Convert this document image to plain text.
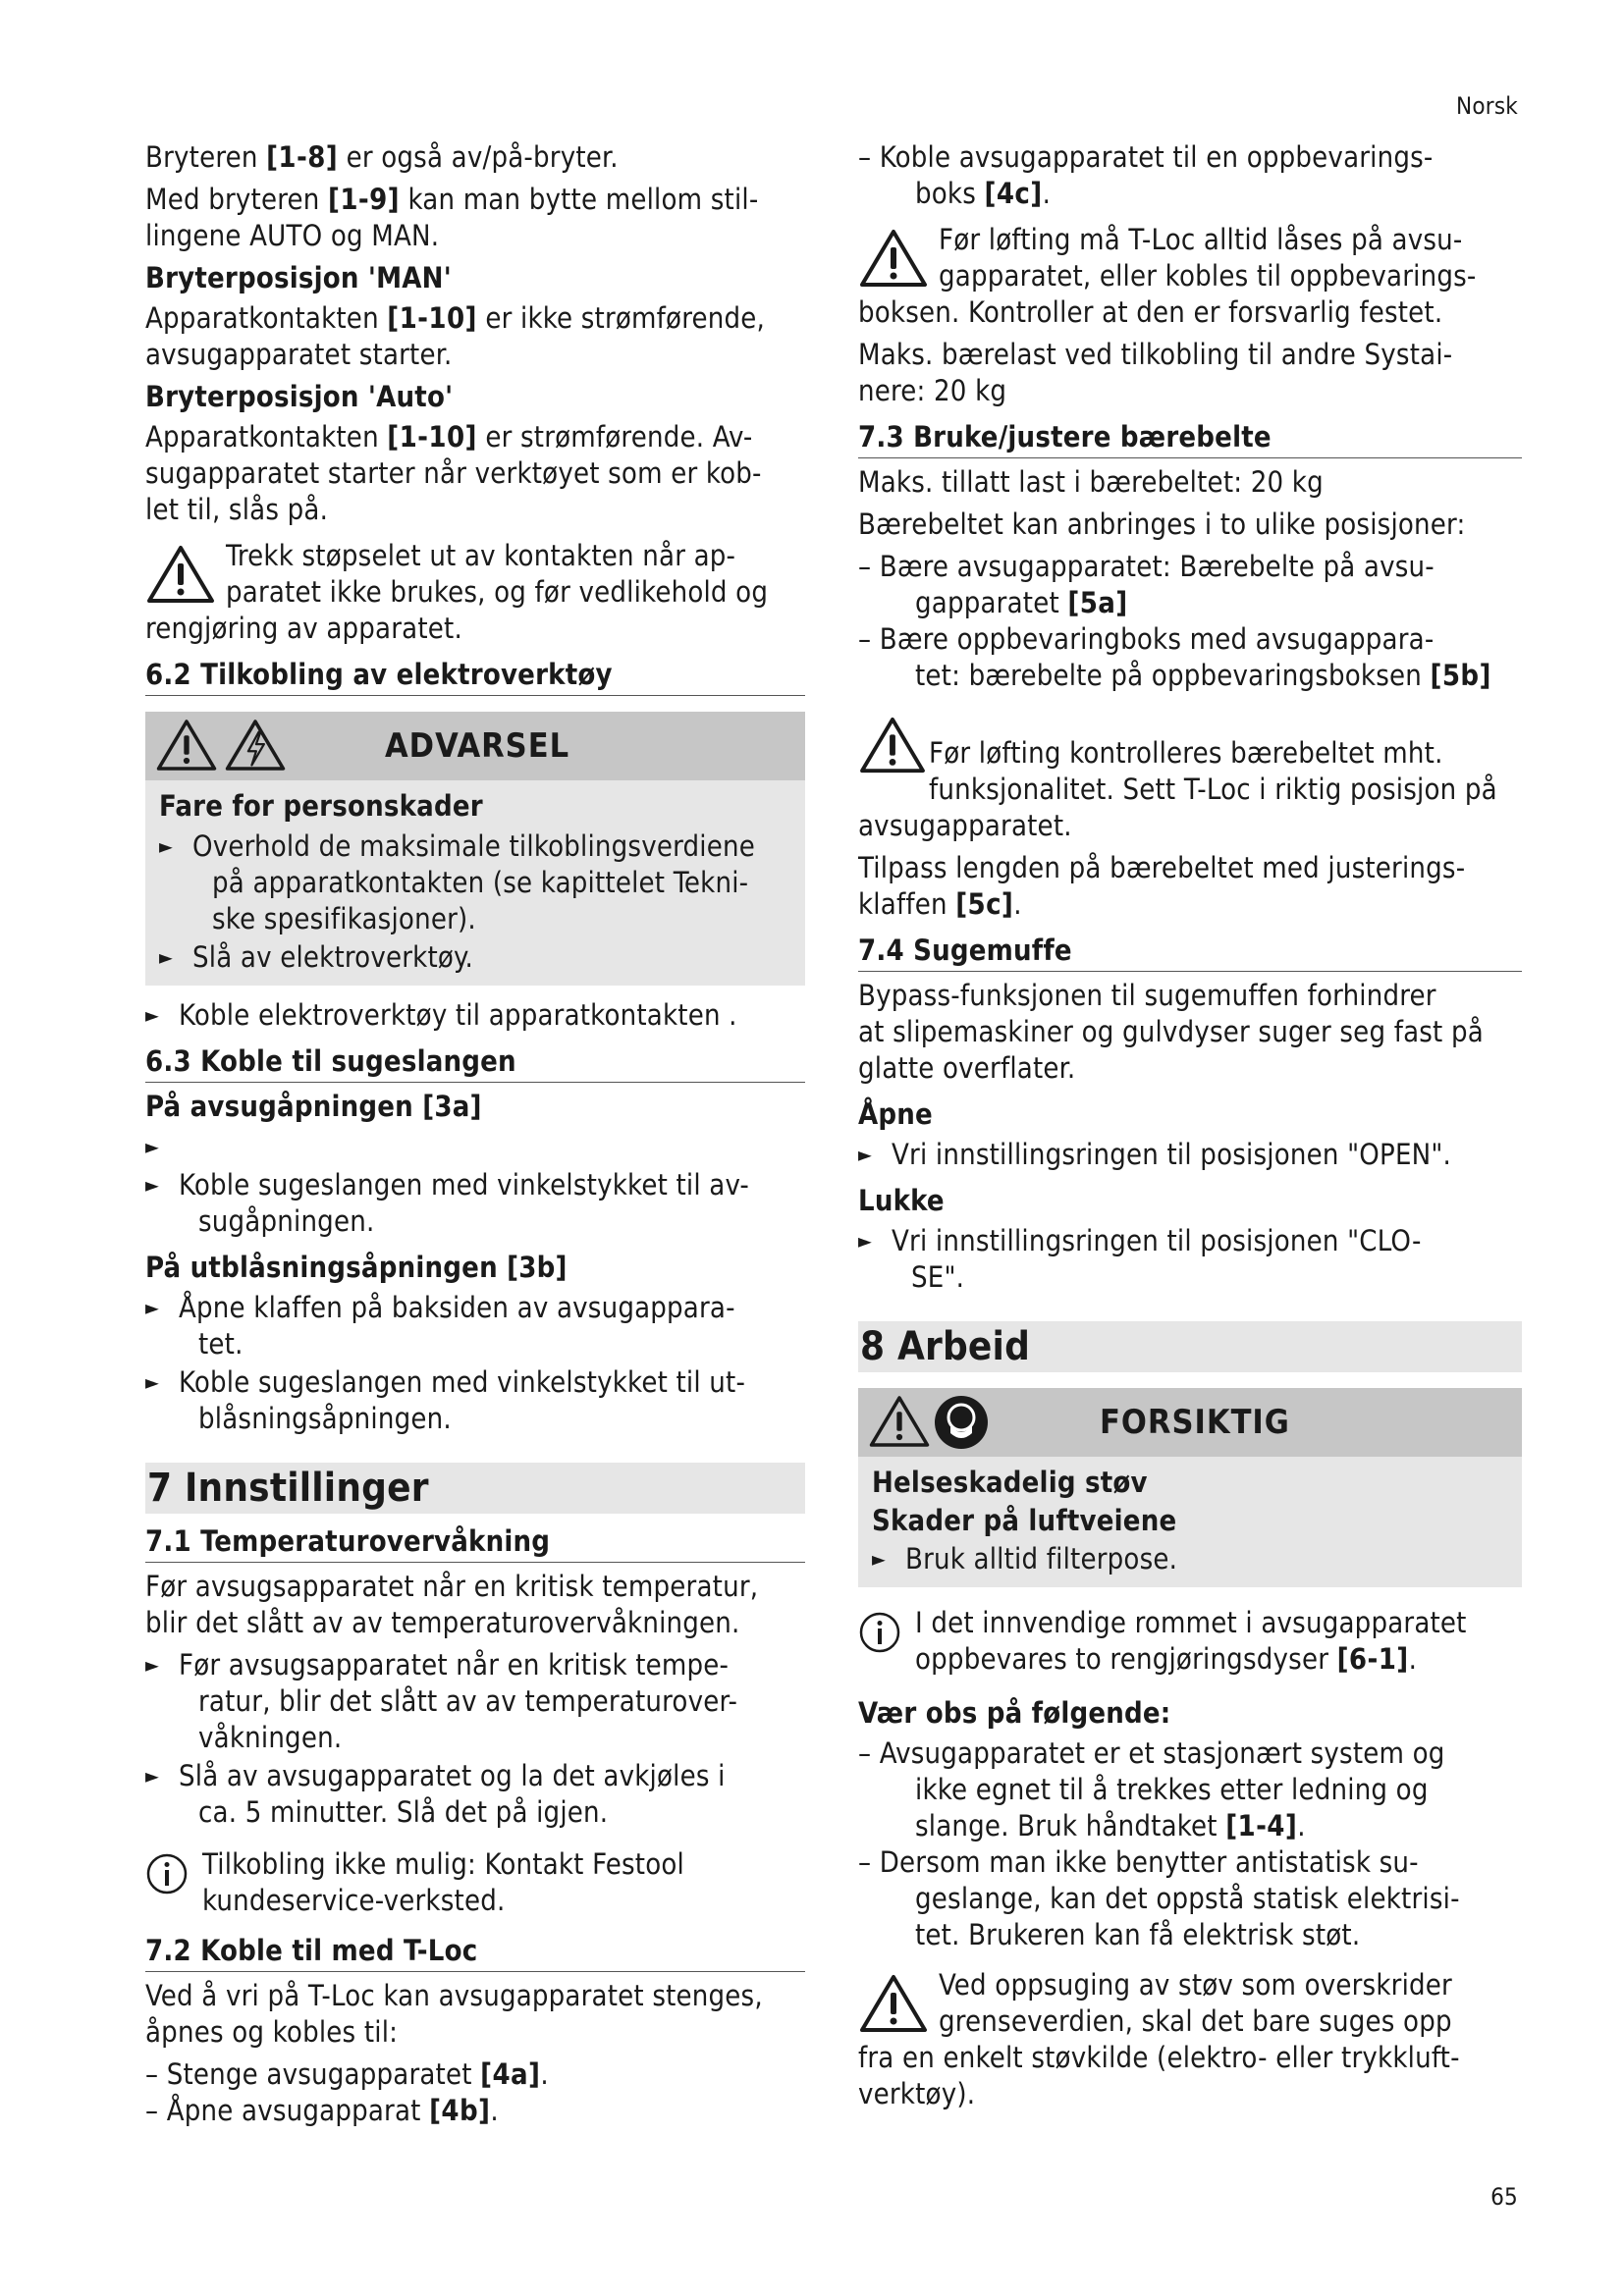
Norsk

Bryteren [1-8] er også av/på-bryter.

Med bryteren [1-9] kan man bytte mellom stil-
lingene AUTO og MAN.

Bryterposisjon 'MAN'

Apparatkontakten [1-10] er ikke strømførende,
avsugapparatet starter.

Bryterposisjon 'Auto'

Apparatkontakten [1-10] er strømførende. Av-
sugapparatet starter når verktøyet som er kob-
let til, slås på.

Trekk støpselet ut av kontakten når ap-
paratet ikke brukes, og før vedlikehold og
rengjøring av apparatet.
6.2 Tilkobling av elektroverktøy
ADVARSEL
Fare for personskader
► Overhold de maksimale tilkoblingsverdiene
på apparatkontakten (se kapittelet Tekni-
ske spesifikasjoner).
► Slå av elektroverktøy.
► Koble elektroverktøy til apparatkontakten .
6.3 Koble til sugeslangen
På avsugåpningen [3a]
►
► Koble sugeslangen med vinkelstykket til av-
sugåpningen.
På utblåsningsåpningen [3b]
► Åpne klaffen på baksiden av avsugappara-
tet.
► Koble sugeslangen med vinkelstykket til ut-
blåsningsåpningen.
7 Innstillinger
7.1 Temperaturovervåkning

Før avsugsapparatet når en kritisk temperatur,
blir det slått av av temperaturovervåkningen.

► Før avsugsapparatet når en kritisk tempe-
ratur, blir det slått av av temperaturover-
våkningen.
► Slå av avsugapparatet og la det avkjøles i
ca. 5 minutter. Slå det på igjen.
Tilkobling ikke mulig: Kontakt Festool
kundeservice-verksted.
7.2 Koble til med T-Loc

Ved å vri på T-Loc kan avsugapparatet stenges,
åpnes og kobles til:

– Stenge avsugapparatet [4a].

– Åpne avsugapparat [4b].

– Koble avsugapparatet til en oppbevarings-
boks [4c].

Før løfting må T-Loc alltid låses på avsu-
gapparatet, eller kobles til oppbevarings-
boksen. Kontroller at den er forsvarlig festet.

Maks. bærelast ved tilkobling til andre Systai-
nere: 20 kg

7.3 Bruke/justere bærebelte

Maks. tillatt last i bærebeltet: 20 kg

Bærebeltet kan anbringes i to ulike posisjoner:

– Bære avsugapparatet: Bærebelte på avsu-
gapparatet [5a]

– Bære oppbevaringboks med avsugappara-
tet: bærebelte på oppbevaringsboksen [5b]

Før løfting kontrolleres bærebeltet mht.
funksjonalitet. Sett T-Loc i riktig posisjon på
avsugapparatet.

Tilpass lengden på bærebeltet med justerings-
klaffen [5c].

7.4 Sugemuffe

Bypass-funksjonen til sugemuffen forhindrer
at slipemaskiner og gulvdyser suger seg fast på
glatte overflater.

Åpne
► Vri innstillingsringen til posisjonen "OPEN".
Lukke
► Vri innstillingsringen til posisjonen "CLO-
SE".
8 Arbeid
FORSIKTIG
Helseskadelig støv
Skader på luftveiene
► Bruk alltid filterpose.
I det innvendige rommet i avsugapparatet
oppbevares to rengjøringsdyser [6-1].
Vær obs på følgende:

– Avsugapparatet er et stasjonært system og
ikke egnet til å trekkes etter ledning og
slange. Bruk håndtaket [1-4].

– Dersom man ikke benytter antistatisk su-
geslange, kan det oppstå statisk elektrisi-
tet. Brukeren kan få elektrisk støt.

Ved oppsuging av støv som overskrider
grenseverdien, skal det bare suges opp
fra en enkelt støvkilde (elektro- eller trykkluft-
verktøy).
65
